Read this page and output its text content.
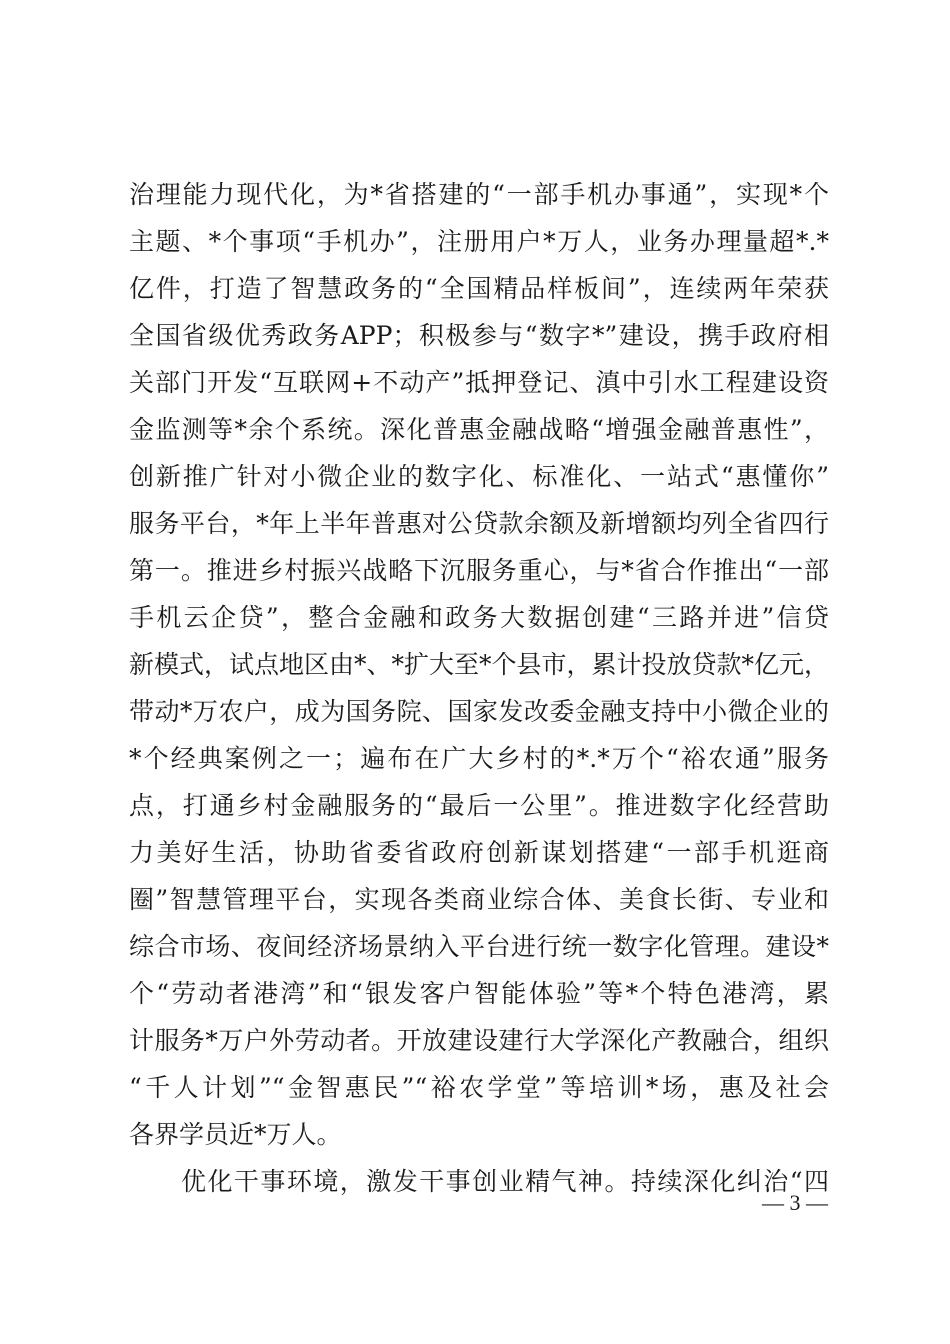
治理能力现代化，为*省搭建的“一部手机办事通”，实现*个
主题、*个事项“手机办”，注册用户*万人，业务办理量超*.*
亿件，打造了智慧政务的“全国精品样板间”，连续两年荣获
全国省级优秀政务APP；积极参与“数字*”建设，携手政府相
关部门开发“互联网+不动产”抵押登记、滇中引水工程建设资
金监测等*余个系统。深化普惠金融战略“增强金融普惠性”，
创新推广针对小微企业的数字化、标准化、一站式“惠懂你”
服务平台，*年上半年普惠对公贷款余额及新增额均列全省四行
第一。推进乡村振兴战略下沉服务重心，与*省合作推出“一部
手机云企贷”，整合金融和政务大数据创建“三路并进”信贷
新模式，试点地区由*、*扩大至*个县市，累计投放贷款*亿元，
带动*万农户，成为国务院、国家发改委金融支持中小微企业的
*个经典案例之一；遍布在广大乡村的*.*万个“裕农通”服务
点，打通乡村金融服务的“最后一公里”。推进数字化经营助
力美好生活，协助省委省政府创新谋划搭建“一部手机逛商
圈”智慧管理平台，实现各类商业综合体、美食长街、专业和
综合市场、夜间经济场景纳入平台进行统一数字化管理。建设*
个“劳动者港湾”和“银发客户智能体验”等*个特色港湾，累
计服务*万户外劳动者。开放建设建行大学深化产教融合，组织
“千人计划”“金智惠民”“裕农学堂”等培训*场，惠及社会
各界学员近*万人。
优化干事环境，激发干事创业精气神。持续深化纠治“四
— 3 —
